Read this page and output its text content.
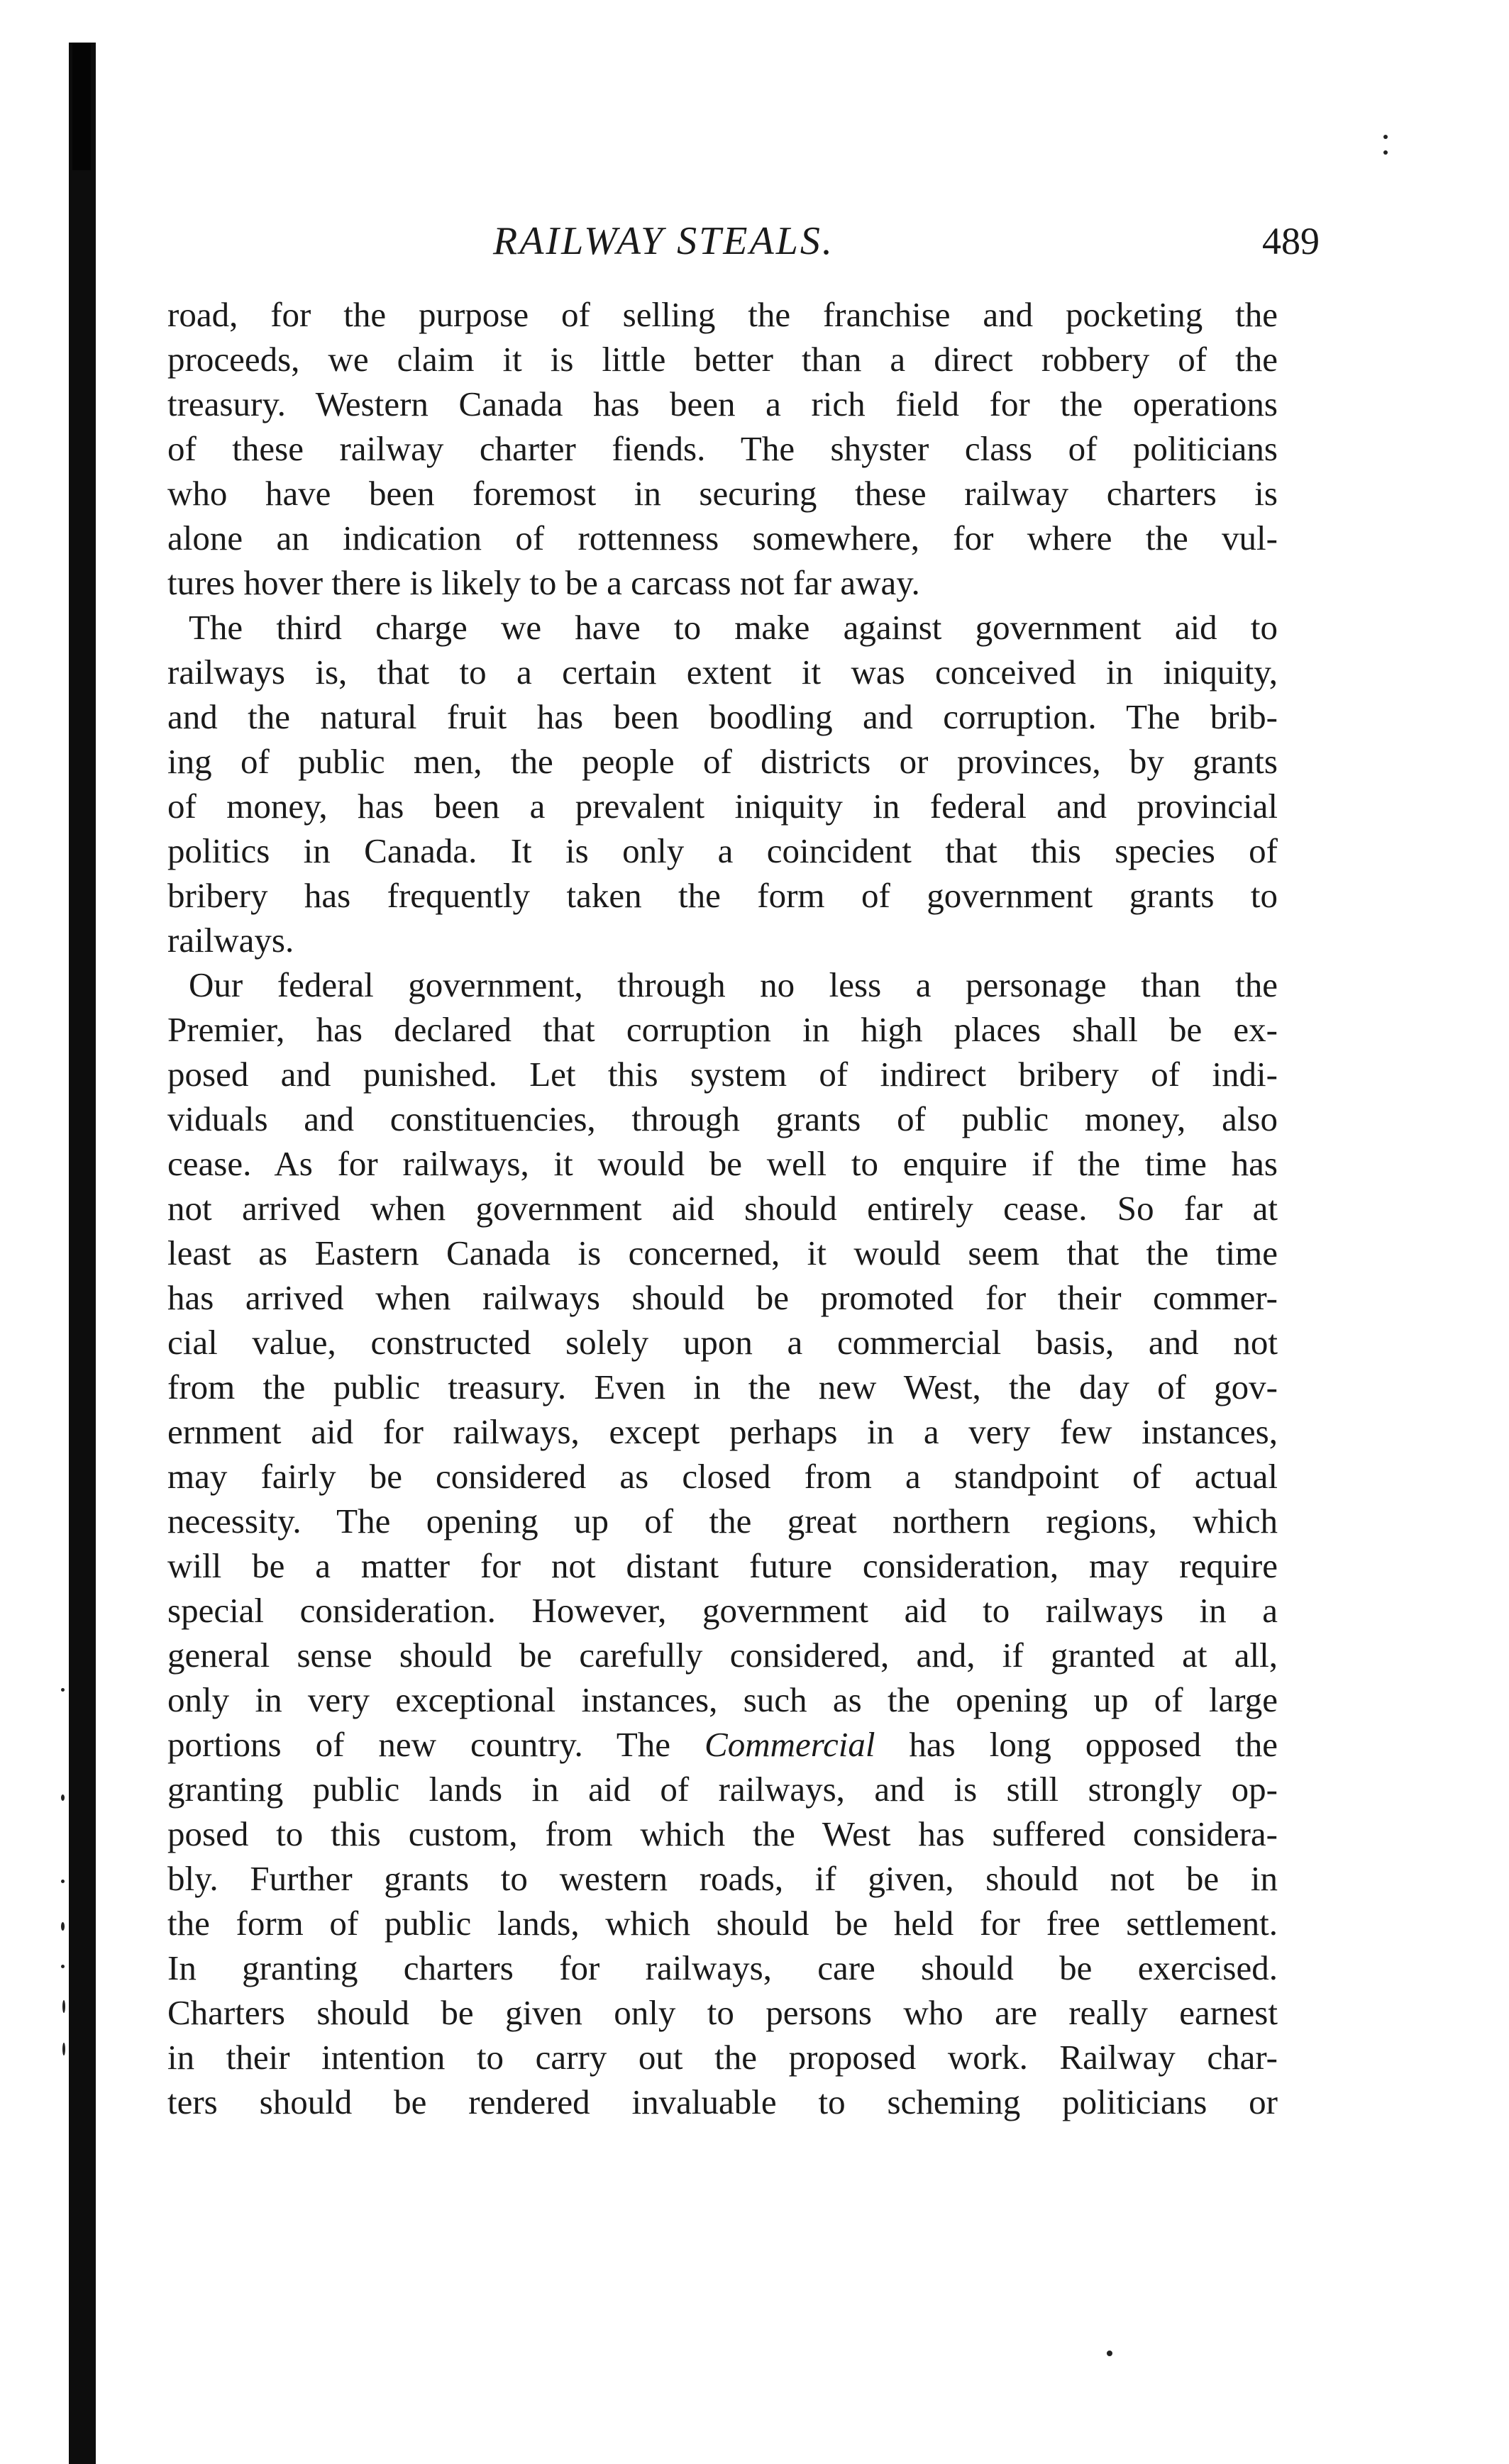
RAILWAY STEALS.	489
road, for the purpose of selling the franchise and pocketing the
proceeds, we claim it is little better than a direct robbery of the
treasury. Western Canada has been a rich field for the operations
of these railway charter fiends. The shyster class of politicians
who have been foremost in securing these railway charters is
alone an indication of rottenness somewhere, for where the vul-
tures hover there is likely to be a carcass not far away.
The third charge we have to make against government aid to
railways is, that to a certain extent it was conceived in iniquity,
and the natural fruit has been boodling and corruption. The brib-
ing of public men, the people of districts or provinces, by grants
of money, has been a prevalent iniquity in federal and provincial
politics in Canada. It is only a coincident that this species of
bribery has frequently taken the form of government grants to
railways.
Our federal government, through no less a personage than the
Premier, has declared that corruption in high places shall be ex-
posed and punished. Let this system of indirect bribery of indi-
viduals and constituencies, through grants of public money, also
cease. As for railways, it would be well to enquire if the time has
not arrived when government aid should entirely cease. So far at
least as Eastern Canada is concerned, it would seem that the time
has arrived when railways should be promoted for their commer-
cial value, constructed solely upon a commercial basis, and not
from the public treasury. Even in the new West, the day of gov-
ernment aid for railways, except perhaps in a very few instances,
may fairly be considered as closed from a standpoint of actual
necessity. The opening up of the great northern regions, which
will be a matter for not distant future consideration, may require
special consideration. However, government aid to railways in a
general sense should be carefully considered, and, if granted at all,
only in very exceptional instances, such as the opening up of large
portions of new country. The Commercial has long opposed the
granting public lands in aid of railways, and is still strongly op-
posed to this custom, from which the West has suffered considera-
bly. Further grants to western roads, if given, should not be in
the form of public lands, which should be held for free settlement.
In granting charters for railways, care should be exercised.
Charters should be given only to persons who are really earnest
in their intention to carry out the proposed work. Railway char-
ters should be rendered invaluable to scheming politicians or
